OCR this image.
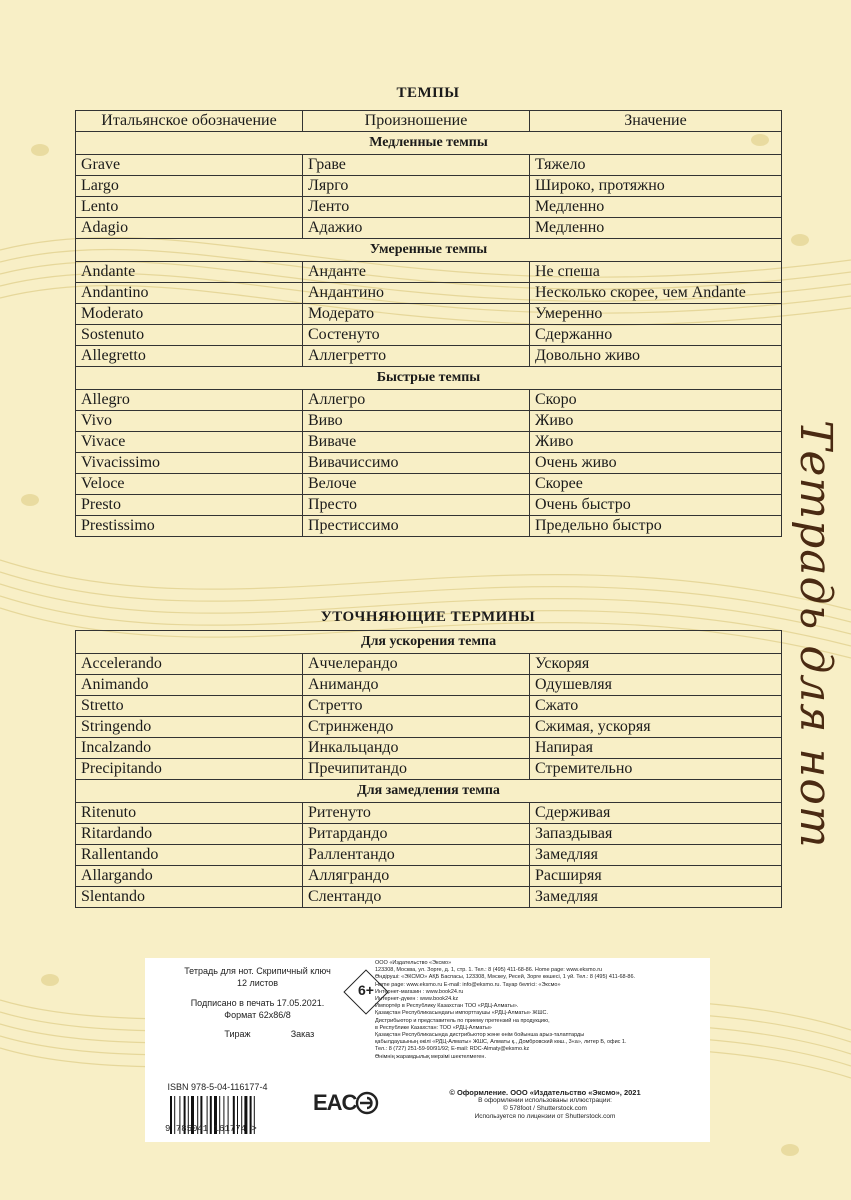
Тетрадь для нот
ТЕМПЫ
Итальянское обозначение	Произношение	Значение
Медленные темпы		
Grave	Граве	Тяжело
Largo	Лярго	Широко, протяжно
Lento	Ленто	Медленно
Adagio	Адажио	Медленно
Умеренные темпы		
Andante	Анданте	Не спеша
Andantino	Андантино	Несколько скорее, чем Andante
Moderato	Модерато	Умеренно
Sostenuto	Состенуто	Сдержанно
Allegretto	Аллегретто	Довольно живо
Быстрые темпы		
Allegro	Аллегро	Скоро
Vivo	Виво	Живо
Vivace	Виваче	Живо
Vivacissimo	Вивачиссимо	Очень живо
Veloce	Велоче	Скорее
Presto	Престо	Очень быстро
Prestissimo	Престиссимо	Предельно быстро
УТОЧНЯЮЩИЕ ТЕРМИНЫ
Для ускорения темпа		
Accelerando	Аччелерандо	Ускоряя
Animando	Анимандо	Одушевляя
Stretto	Стретто	Сжато
Stringendo	Стринжендо	Сжимая, ускоряя
Incalzando	Инкальцандо	Напирая
Precipitando	Пречипитандо	Стремительно
Для замедления темпа		
Ritenuto	Ритенуто	Сдерживая
Ritardando	Ритардандо	Запаздывая
Rallentando	Раллентандо	Замедляя
Allargando	Аллягрaндо	Расширяя
Slentando	Слентандо	Замедляя
Тетрадь для нот. Скрипичный ключ
12 листов
Подписано в печать 17.05.2021.
Формат 62х86/8
Тираж	Заказ
6+
ISBN 978-5-04-116177-4
9 785041 161774 >
EAC
ООО «Издательство «Эксмо»
123308, Москва, ул. Зорге, д. 1, стр. 1. Тел.: 8 (495) 411-68-86. Home page: www.eksmo.ru
Өндіруші: «ЭКСМО» АҚБ Баспасы, 123308, Мәскеу, Ресей, Зорге көшесі, 1 үй. Тел.: 8 (495) 411-68-86.
Home page: www.eksmo.ru E-mail: info@eksmo.ru. Тауар белгісі: «Эксмо»
Интернет-магазин : www.book24.ru
Интернет-дүкен : www.book24.kz
Импортёр в Республику Казахстан ТОО «РДЦ-Алматы».
Қазақстан Республикасындағы импорттаушы «РДЦ-Алматы» ЖШС.
Дистрибьютор и представитель по приему претензий на продукцию,
в Республике Казахстан: ТОО «РДЦ-Алматы»
Қазақстан Республикасында дистрибьютор және өнім бойынша арыз-талаптарды
қабылдаушының өкілі «РДЦ-Алматы» ЖШС, Алматы қ., Домбровский көш., 3«а», литер Б, офис 1.
Тел.: 8 (727) 251-59-90/91/92; E-mail: RDC-Almaty@eksmo.kz
Өнімнің жарамдылық мерзімі шектелмеген.
© Оформление. ООО «Издательство «Эксмо», 2021
В оформлении использованы иллюстрации:
© 578foot / Shutterstock.com
Используется по лицензии от Shutterstock.com
